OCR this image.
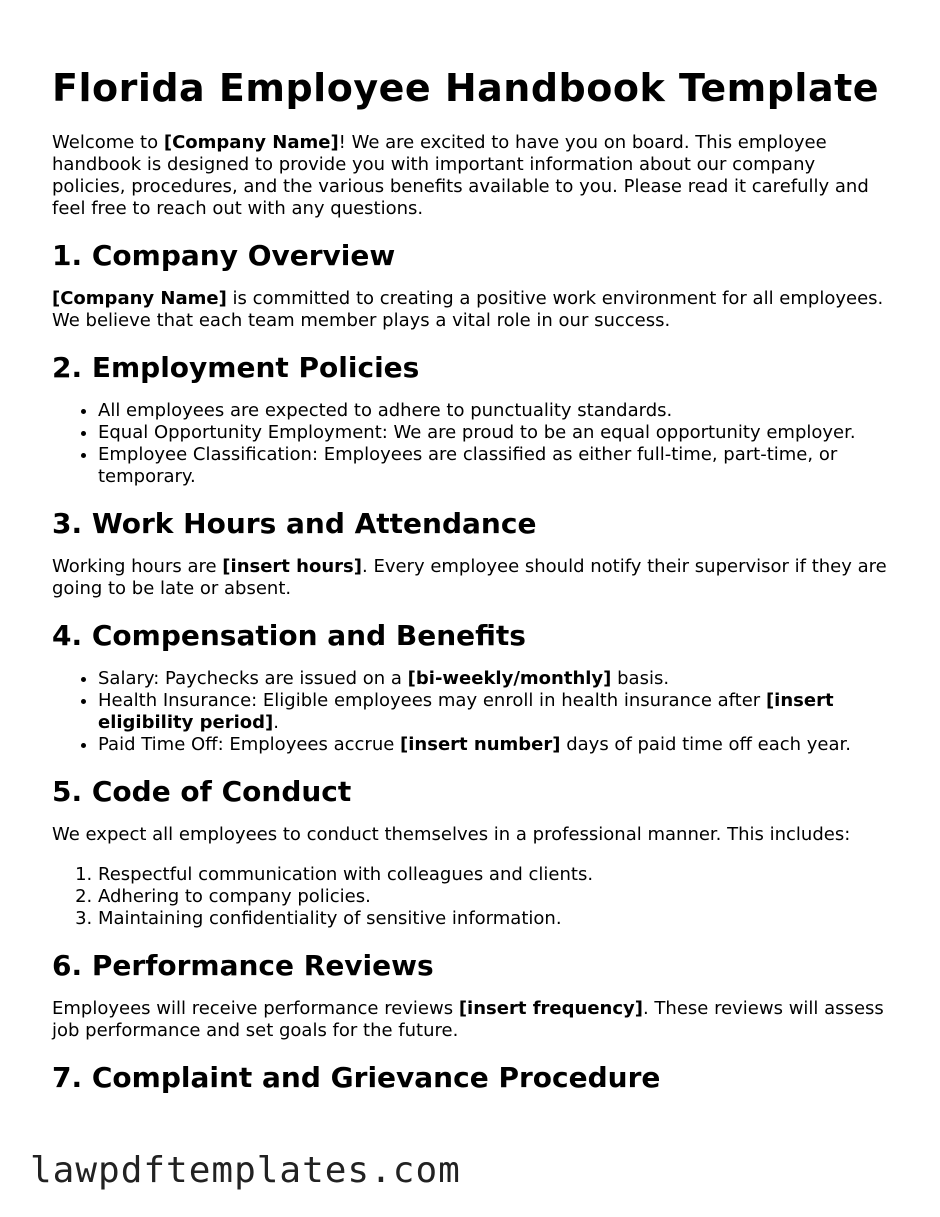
Florida Employee Handbook Template

Welcome to [Company Name]! We are excited to have you on board. This employee handbook is designed to provide you with important information about our company policies, procedures, and the various benefits available to you. Please read it carefully and feel free to reach out with any questions.

1. Company Overview

[Company Name] is committed to creating a positive work environment for all employees. We believe that each team member plays a vital role in our success.

2. Employment Policies
• All employees are expected to adhere to punctuality standards.
• Equal Opportunity Employment: We are proud to be an equal opportunity employer.
• Employee Classification: Employees are classified as either full-time, part-time, or temporary.
3. Work Hours and Attendance

Working hours are [insert hours]. Every employee should notify their supervisor if they are going to be late or absent.

4. Compensation and Benefits
• Salary: Paychecks are issued on a [bi-weekly/monthly] basis.
• Health Insurance: Eligible employees may enroll in health insurance after [insert eligibility period].
• Paid Time Off: Employees accrue [insert number] days of paid time off each year.
5. Code of Conduct

We expect all employees to conduct themselves in a professional manner. This includes:

1. Respectful communication with colleagues and clients.
2. Adhering to company policies.
3. Maintaining confidentiality of sensitive information.
6. Performance Reviews

Employees will receive performance reviews [insert frequency]. These reviews will assess job performance and set goals for the future.

7. Complaint and Grievance Procedure
lawpdftemplates.com
